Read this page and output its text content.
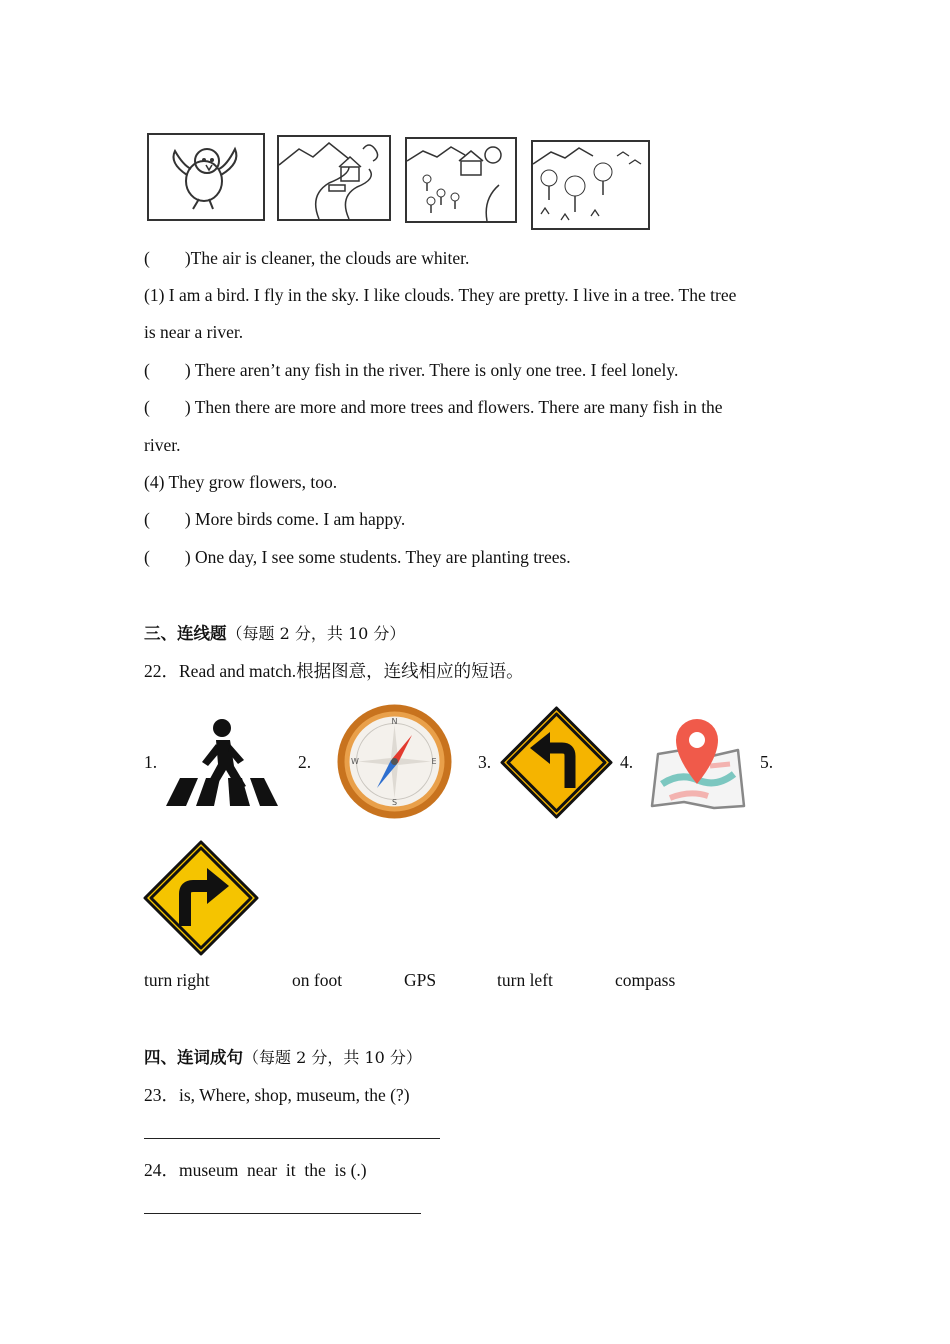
(        )The air is cleaner, the clouds are whiter.
(1) I am a bird. I fly in the sky. I like clouds. They are pretty. I live in a tree. The tree
is near a river.
(        ) There aren’t any fish in the river. There is only one tree. I feel lonely.
(        ) Then there are more and more trees and flowers. There are many fish in the
river.
(4) They grow flowers, too.
(        ) More birds come. I am happy.
(        ) One day, I see some students. They are planting trees.
三、连线题（每题 2 分，共 10 分）
22．Read and match.根据图意，连线相应的短语。
1.	2.	3.	4.	5.
N
S
E
W
turn right	on foot	GPS	turn left	compass
四、连词成句（每题 2 分，共 10 分）
23．is, Where, shop, museum, the (?)
24．museum  near  it  the  is (.)
